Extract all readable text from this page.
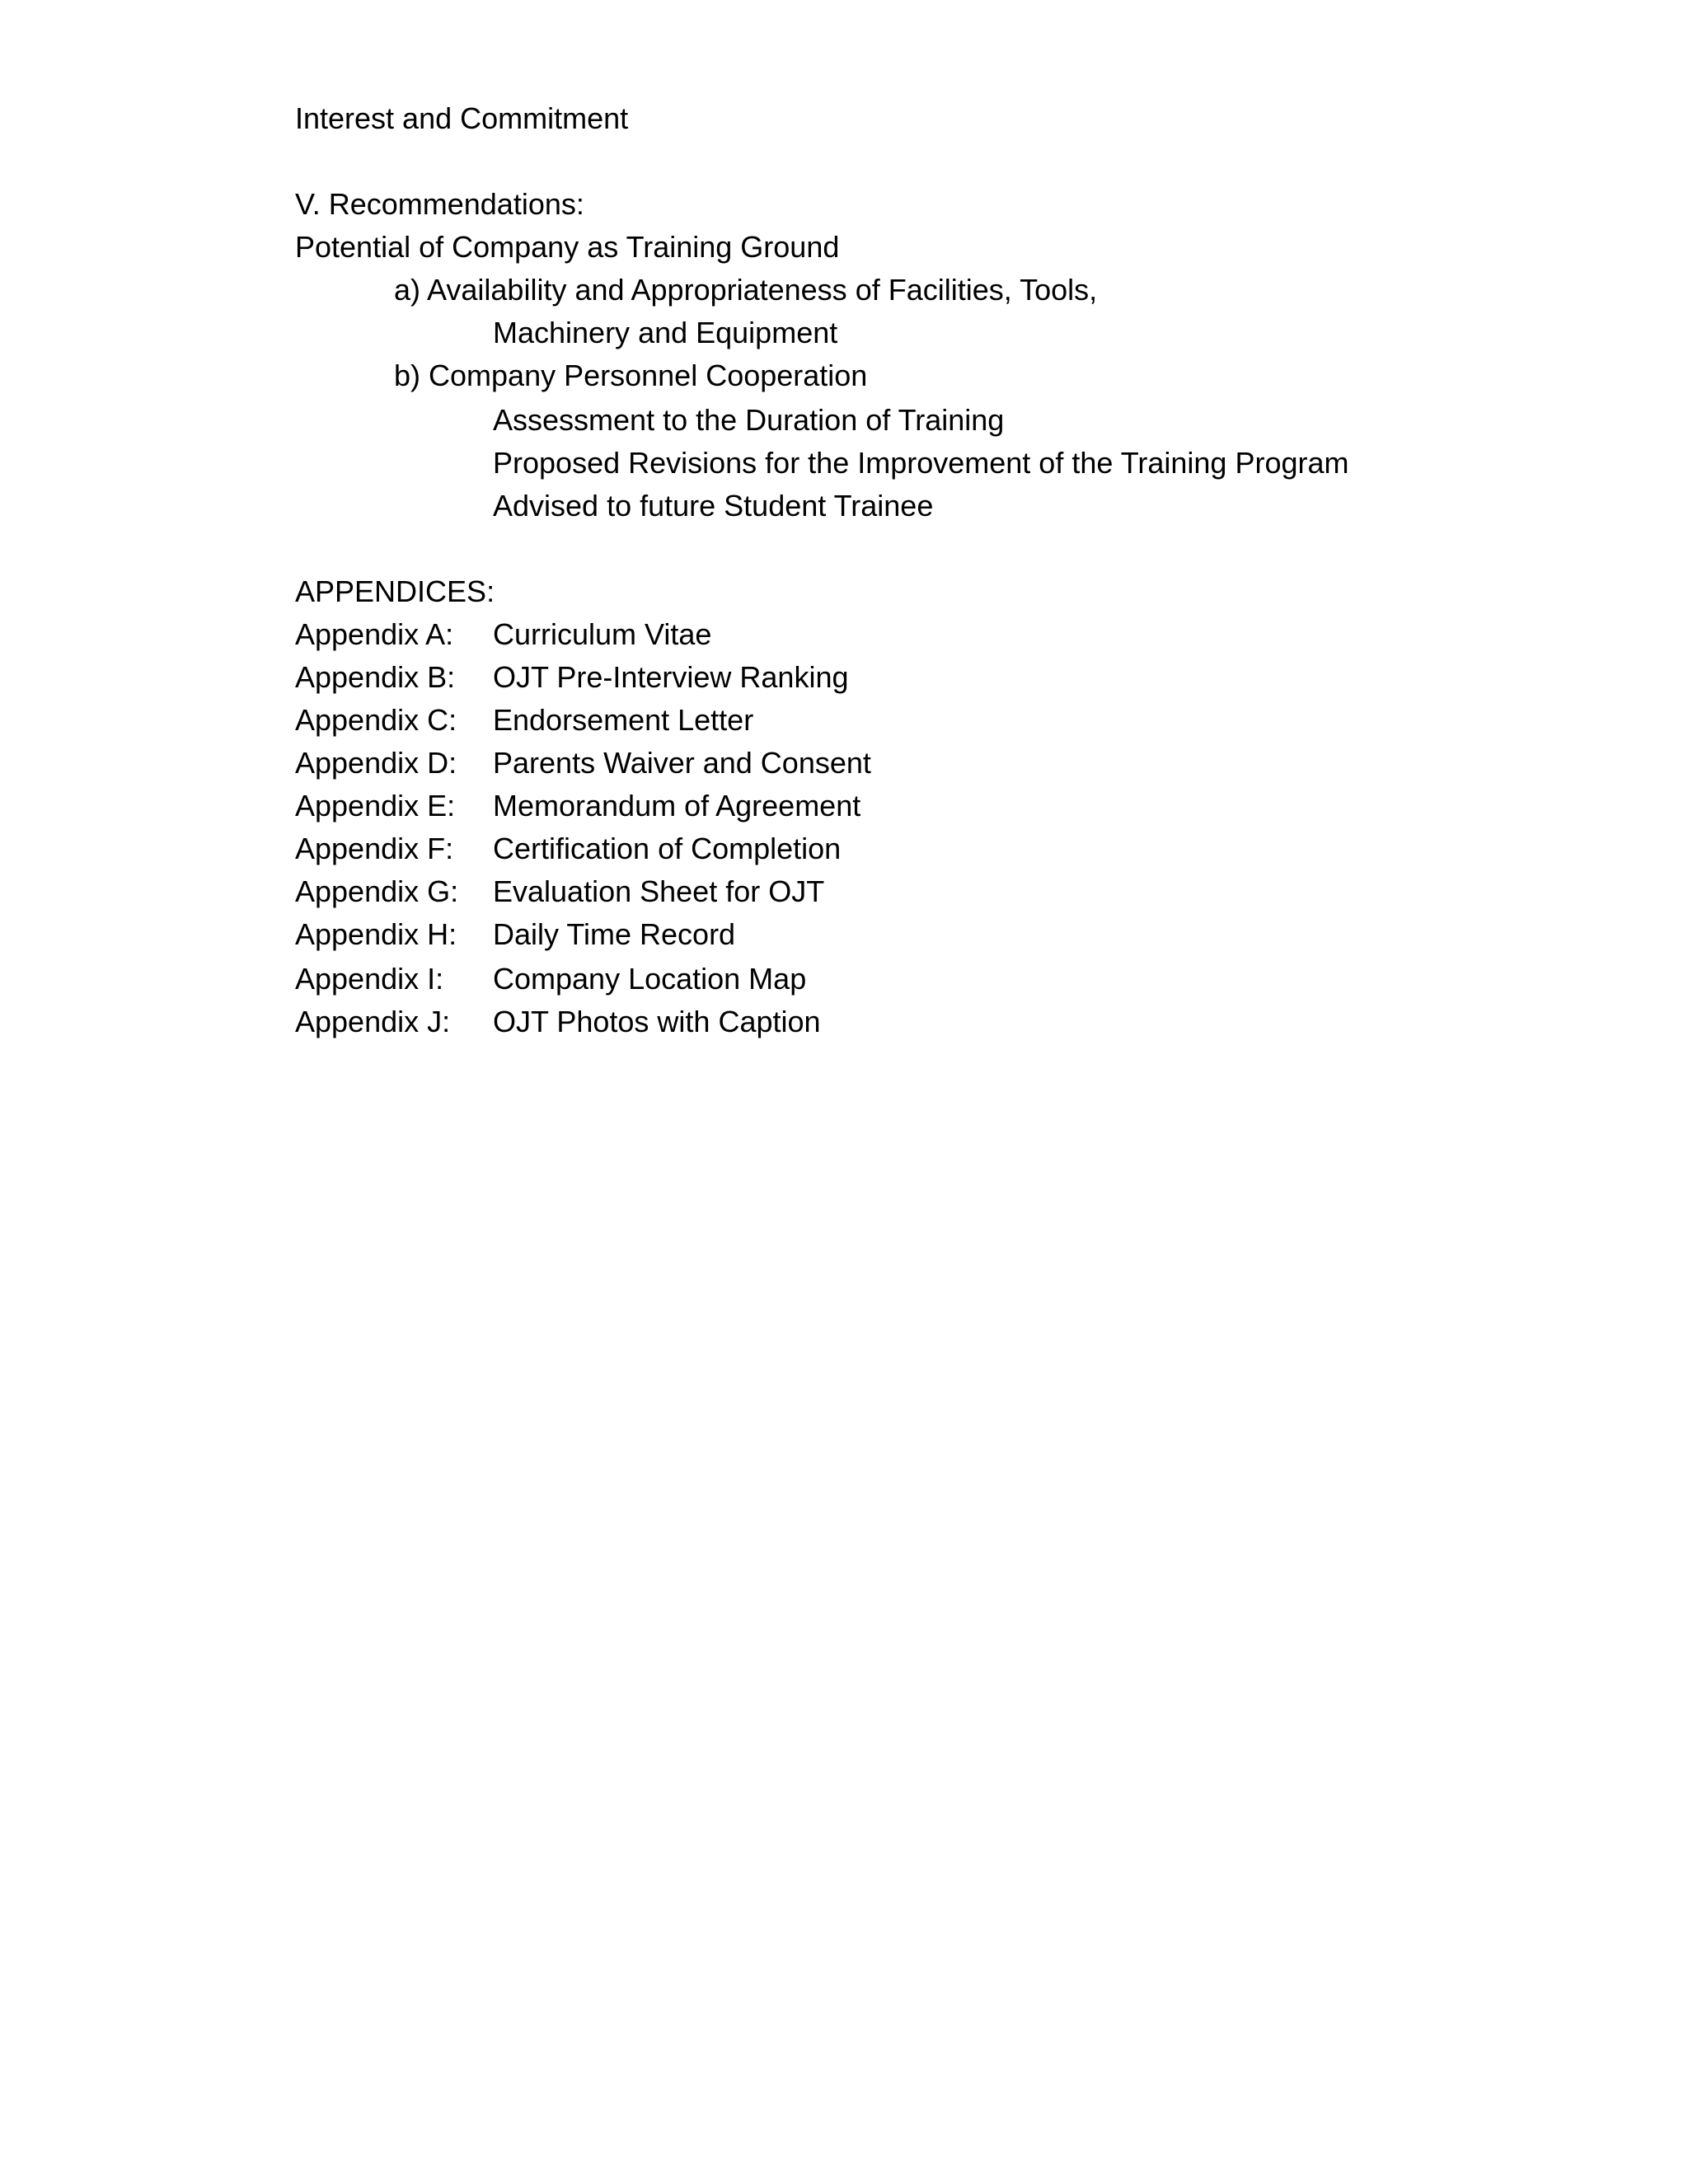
Interest and Commitment
V. Recommendations:
Potential of Company as Training Ground
a) Availability and Appropriateness of Facilities, Tools,
Machinery and Equipment
b) Company Personnel Cooperation
Assessment to the Duration of Training
Proposed Revisions for the Improvement of the Training Program
Advised to future Student Trainee
APPENDICES:
Appendix A: Curriculum Vitae
Appendix B: OJT Pre-Interview Ranking
Appendix C: Endorsement Letter
Appendix D: Parents Waiver and Consent
Appendix E: Memorandum of Agreement
Appendix F: Certification of Completion
Appendix G: Evaluation Sheet for OJT
Appendix H: Daily Time Record
Appendix I: Company Location Map
Appendix J: OJT Photos with Caption
